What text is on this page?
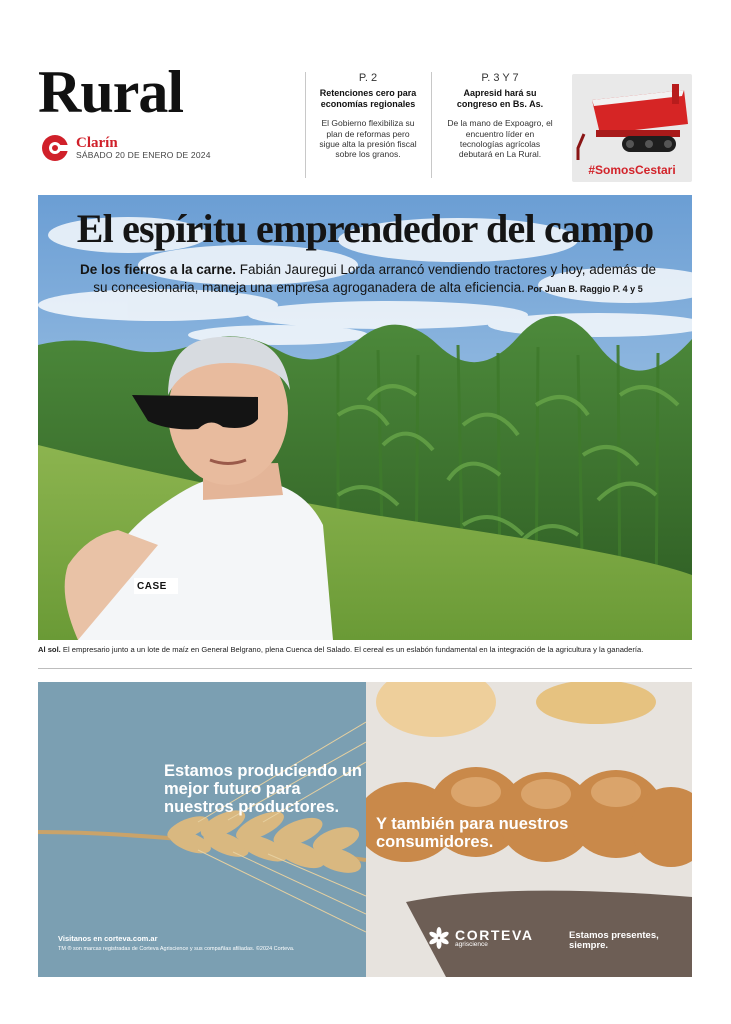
Rural
Clarín
SÁBADO 20 DE ENERO DE 2024
P. 2
Retenciones cero para economías regionales
El Gobierno flexibiliza su plan de reformas pero sigue alta la presión fiscal sobre los granos.
P. 3 Y 7
Aapresid hará su congreso en Bs. As.
De la mano de Expoagro, el encuentro líder en tecnologías agrícolas debutará en La Rural.
#SomosCestari
CASE
El espíritu emprendedor del campo
De los fierros a la carne. Fabián Jauregui Lorda arrancó vendiendo tractores y hoy, además de su concesionaria, maneja una empresa agroganadera de alta eficiencia. Por Juan B. Raggio P. 4 y 5
Al sol. El empresario junto a un lote de maíz en General Belgrano, plena Cuenca del Salado. El cereal es un eslabón fundamental en la integración de la agricultura y la ganadería.
Estamos produciendo un mejor futuro para nuestros productores.
Y también para nuestros consumidores.
Visitanos en corteva.com.ar
TM ® son marcas registradas de Corteva Agriscience y sus compañías afiliadas. ©2024 Corteva.
CORTEVA
agriscience
Estamos presentes, siempre.
